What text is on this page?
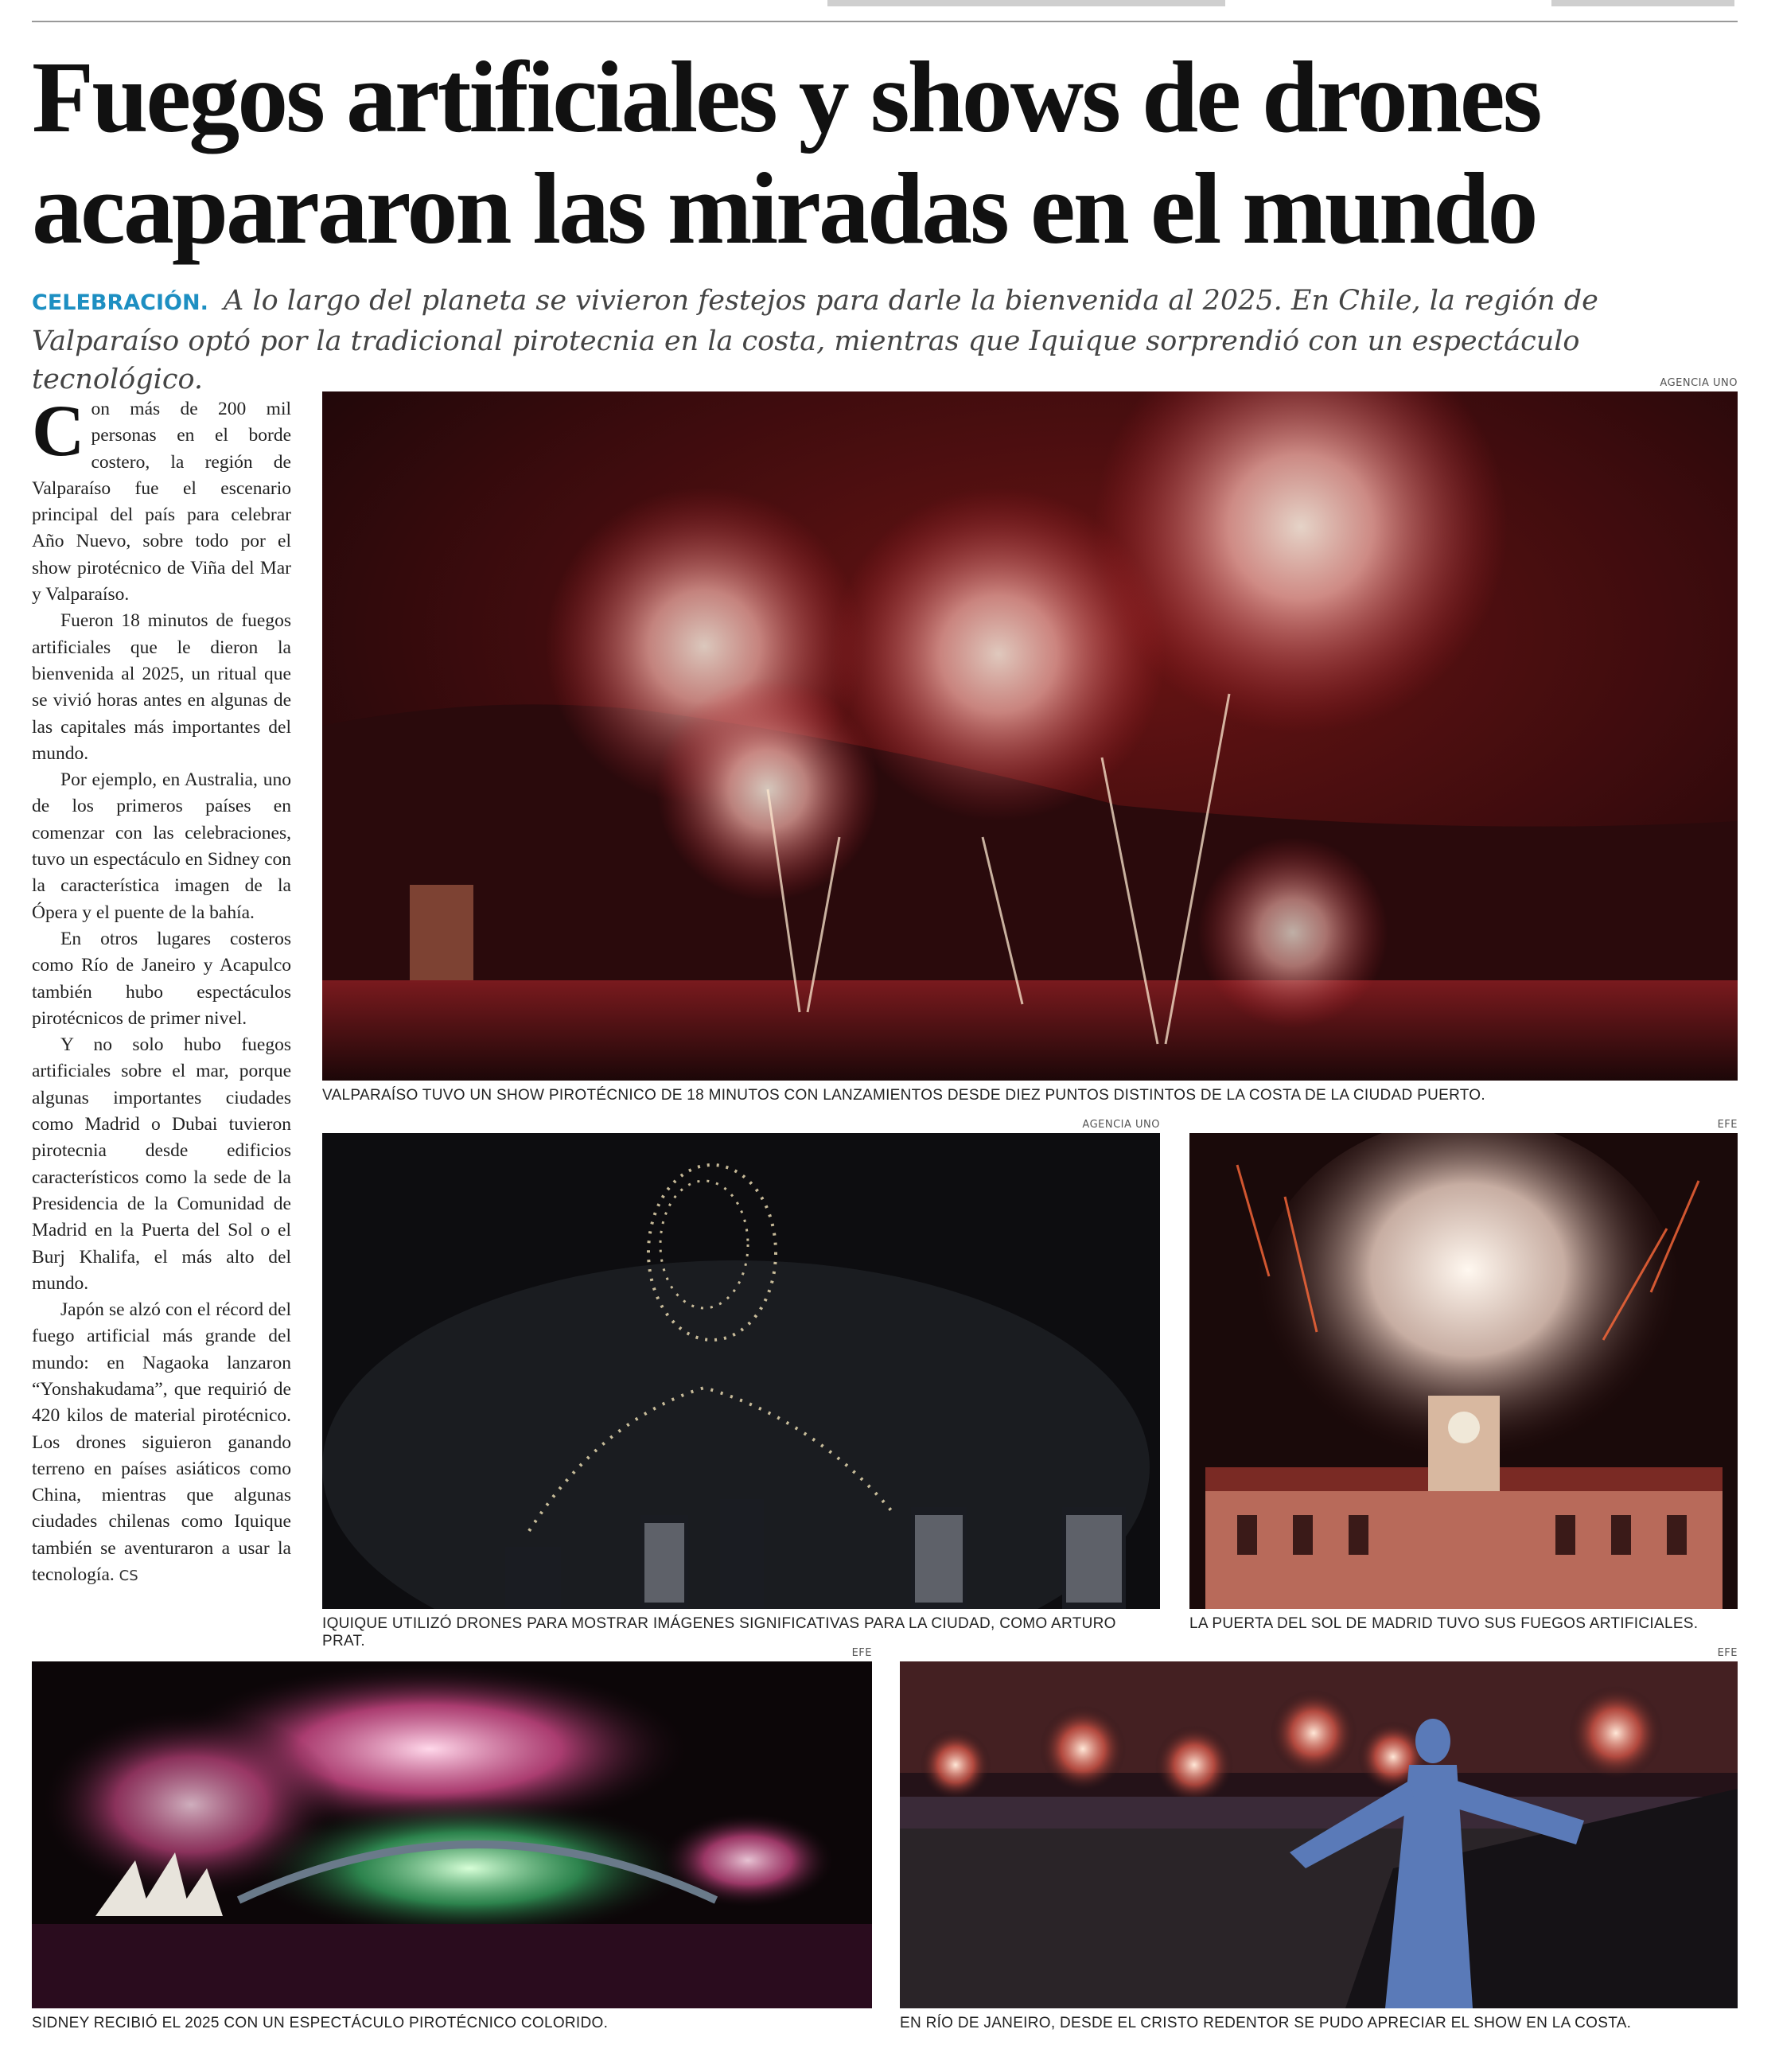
Fuegos artificiales y shows de drones
acapararon las miradas en el mundo
CELEBRACIÓN. A lo largo del planeta se vivieron festejos para darle la bienvenida al 2025. En Chile, la región de Valparaíso optó por la tradicional pirotecnia en la costa, mientras que Iquique sorprendió con un espectáculo tecnológico.

Con más de 200 mil personas en el borde costero, la región de Valparaíso fue el escenario principal del país para celebrar Año Nuevo, sobre todo por el show pirotécnico de Viña del Mar y Valparaíso.

Fueron 18 minutos de fuegos artificiales que le dieron la bienvenida al 2025, un ritual que se vivió horas antes en algunas de las capitales más importantes del mundo.

Por ejemplo, en Australia, uno de los primeros países en comenzar con las celebraciones, tuvo un espectáculo en Sidney con la característica imagen de la Ópera y el puente de la bahía.

En otros lugares costeros como Río de Janeiro y Acapulco también hubo espectáculos pirotécnicos de primer nivel.

Y no solo hubo fuegos artificiales sobre el mar, porque algunas importantes ciudades como Madrid o Dubai tuvieron pirotecnia desde edificios característicos como la sede de la Presidencia de la Comunidad de Madrid en la Puerta del Sol o el Burj Khalifa, el más alto del mundo.

Japón se alzó con el récord del fuego artificial más grande del mundo: en Nagaoka lanzaron “Yonshakudama”, que requirió de 420 kilos de material pirotécnico. Los drones siguieron ganando terreno en países asiáticos como China, mientras que algunas ciudades chilenas como Iquique también se aventuraron a usar la tecnología. CS

AGENCIA UNO
VALPARAÍSO TUVO UN SHOW PIROTÉCNICO DE 18 MINUTOS CON LANZAMIENTOS DESDE DIEZ PUNTOS DISTINTOS DE LA COSTA DE LA CIUDAD PUERTO.
AGENCIA UNO
IQUIQUE UTILIZÓ DRONES PARA MOSTRAR IMÁGENES SIGNIFICATIVAS PARA LA CIUDAD, COMO ARTURO PRAT.
EFE
LA PUERTA DEL SOL DE MADRID TUVO SUS FUEGOS ARTIFICIALES.
EFE
SIDNEY RECIBIÓ EL 2025 CON UN ESPECTÁCULO PIROTÉCNICO COLORIDO.
EFE
EN RÍO DE JANEIRO, DESDE EL CRISTO REDENTOR SE PUDO APRECIAR EL SHOW EN LA COSTA.
